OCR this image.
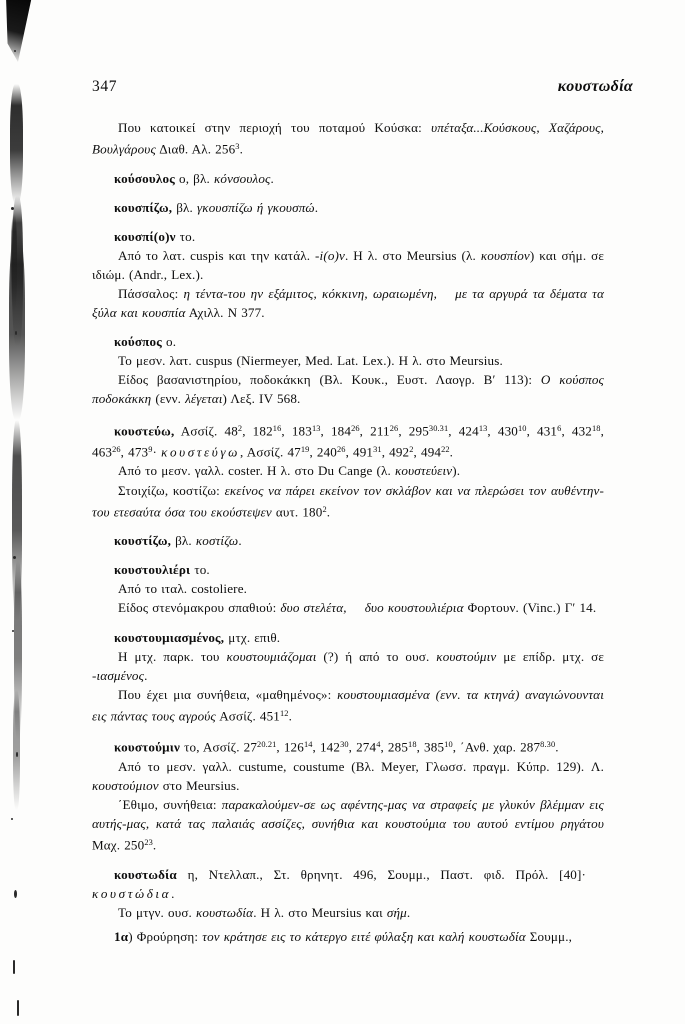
347	κουστωδία

Που κατοικεί στην περιοχή του ποταμού Κούσκα: υπέταξα...Κούσκους, Χαζάρους, Βουλγάρους Διαθ. Αλ. $256^3$.

κούσουλος ο, βλ. κόνσουλος.

κουσπίζω, βλ. γκουσπίζω ή γκουσπώ.

κουσπί(ο)ν το.

Από το λατ. cuspis και την κατάλ. -i(ο)ν. Η λ. στο Meursius (λ. κουσπίον) και σήμ. σε ιδιώμ. (Andr., Lex.).

Πάσσαλος: η τέντα-του ην εξάμιτος, κόκκινη, ωραιωμένη, με τα αργυρά τα δέματα τα ξύλα και κουσπία Αχιλλ. Ν 377.

κούσπος ο.

Το μεσν. λατ. cuspus (Niermeyer, Med. Lat. Lex.). Η λ. στο Meursius.

Είδος βασανιστηρίου, ποδοκάκκη (Βλ. Κουκ., Ευστ. Λαογρ. Β′ 113): Ο κούσπος ποδοκάκκη (ενν. λέγεται) Λεξ. IV 568.

κουστεύω, Ασσίζ. $48^2$, $182^{16}$, $183^{13}$, $184^{26}$, $211^{26}$, $295^{30.31}$, $424^{13}$, $430^{10}$, $431^6$, $432^{18}$, $463^{26}$, $473^9\cdot \kappa o\upsilon\sigma\tau\varepsilon ύ\gamma\omega$, Ασσίζ. $47^{19}$, $240^{26}$, $491^{31}$, $492^2$, $494^{22}$.

Από το μεσν. γαλλ. coster. Η λ. στο Du Cange (λ. κουστεύειν).

Στοιχίζω, κοστίζω: εκείνος να πάρει εκείνον τον σκλάβον και να πλερώσει τον αυθέντην-του ετεσαύτα όσα του εκούστεψεν αυτ. $180^2$.

κουστίζω, βλ. κοστίζω.

κουστουλιέρι το.

Από το ιταλ. costoliere.

Είδος στενόμακρου σπαθιού: δυο στελέτα, δυο κουστουλιέρια Φορτουν. (Vinc.) Γ′ 14.

κουστουμιασμένος, μτχ. επιθ.

Η μτχ. παρκ. του κουστουμιάζομαι (?) ή από το ουσ. κουστούμιν με επίδρ. μτχ. σε -ιασμένος.

Που έχει μια συνήθεια, «μαθημένος»: κουστουμιασμένα (ενν. τα κτηνά) αναγιώνουνται εις πάντας τους αγρούς Ασσίζ. $451^{12}$.

κουστούμιν το, Ασσίζ. $27^{20.21}$, $126^{14}$, $142^{30}$, $274^4$, $285^{18}$, $385^{10}$, ΄Ανθ. χαρ. $287^{8.30}$.

Από το μεσν. γαλλ. custume, coustume (Βλ. Meyer, Γλωσσ. πραγμ. Κύπρ. 129). Λ. κουστούμιον στο Meursius.

΄Εθιμο, συνήθεια: παρακαλούμεν-σε ως αφέντης-μας να στραφείς με γλυκύν βλέμμαν εις αυτής-μας, κατά τας παλαιάς ασσίζες, συνήθια και κουστούμια του αυτού εντίμου ρηγάτου Μαχ. $250^{23}$.

κουστωδία η, Ντελλαπ., Στ. θρηνητ. 496, Σουμμ., Παστ. φιδ. Πρόλ. [40]·κουστώδια.

Το μτγν. ουσ. κουστωδία. Η λ. στο Meursius και σήμ.

1α) Φρούρηση: τον κράτησε εις το κάτεργο ειτέ φύλαξη και καλή κουστωδία Σουμμ.,
